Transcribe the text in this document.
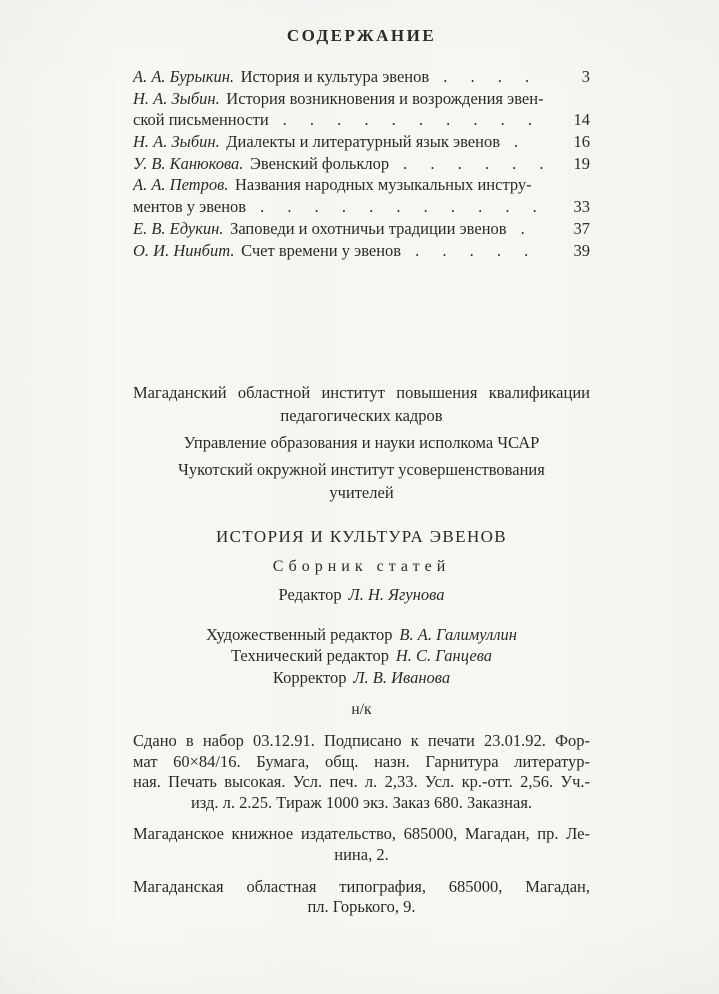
СОДЕРЖАНИЕ
А. А. Бурыкин. История и культура эвенов . . . .	3
Н. А. Зыбин. История возникновения и возрождения эвен-
ской письменности . . . . . . . . . .	14
Н. А. Зыбин. Диалекты и литературный язык эвенов .	16
У. В. Канюкова. Эвенский фольклор . . . . . .	19
А. А. Петров. Названия народных музыкальных инстру-
ментов у эвенов . . . . . . . . . . .	33
Е. В. Едукин. Заповеди и охотничьи традиции эвенов .	37
О. И. Нинбит. Счет времени у эвенов . . . . .	39
Магаданский областной институт повышения квалификации
педагогических кадров
Управление образования и науки исполкома ЧСАР
Чукотский окружной институт усовершенствования
учителей
ИСТОРИЯ И КУЛЬТУРА ЭВЕНОВ
Сборник статей
Редактор Л. Н. Ягунова
Художественный редактор В. А. Галимуллин
Технический редактор Н. С. Ганцева
Корректор Л. В. Иванова
н/к
Сдано в набор 03.12.91. Подписано к печати 23.01.92. Фор-
мат 60×84/16. Бумага, общ. назн. Гарнитура литератур-
ная. Печать высокая. Усл. печ. л. 2,33. Усл. кр.-отт. 2,56. Уч.-
изд. л. 2.25. Тираж 1000 экз. Заказ 680. Заказная.
Магаданское книжное издательство, 685000, Магадан, пр. Ле-
нина, 2.
Магаданская областная типография, 685000, Магадан,
пл. Горького, 9.
